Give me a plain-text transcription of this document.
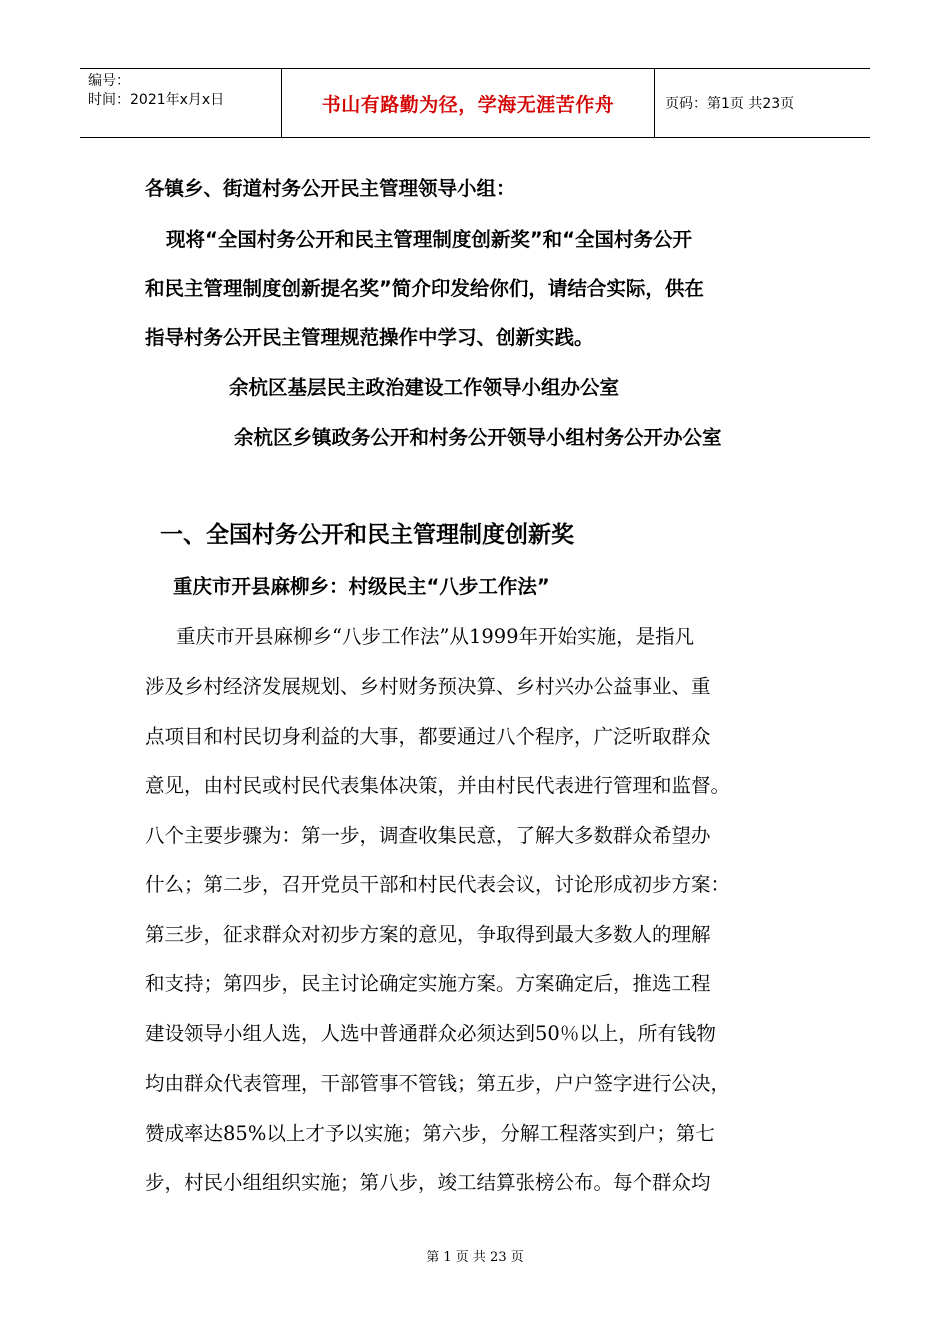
编号：
时间：2021年x月x日	书山有路勤为径，学海无涯苦作舟	页码：第1页 共23页
各镇乡、街道村务公开民主管理领导小组：
现将“全国村务公开和民主管理制度创新奖”和“全国村务公开
和民主管理制度创新提名奖”简介印发给你们，请结合实际，供在
指导村务公开民主管理规范操作中学习、创新实践。
余杭区基层民主政治建设工作领导小组办公室
余杭区乡镇政务公开和村务公开领导小组村务公开办公室
一、全国村务公开和民主管理制度创新奖
重庆市开县麻柳乡：村级民主“八步工作法”
重庆市开县麻柳乡“八步工作法”从1999年开始实施，是指凡
涉及乡村经济发展规划、乡村财务预决算、乡村兴办公益事业、重
点项目和村民切身利益的大事，都要通过八个程序，广泛听取群众
意见，由村民或村民代表集体决策，并由村民代表进行管理和监督。
八个主要步骤为：第一步，调查收集民意，了解大多数群众希望办
什么；第二步，召开党员干部和村民代表会议，讨论形成初步方案：
第三步，征求群众对初步方案的意见，争取得到最大多数人的理解
和支持；第四步，民主讨论确定实施方案。方案确定后，推选工程
建设领导小组人选，人选中普通群众必须达到50％以上，所有钱物
均由群众代表管理，干部管事不管钱；第五步，户户签字进行公决，
赞成率达85%以上才予以实施；第六步，分解工程落实到户；第七
步，村民小组组织实施；第八步，竣工结算张榜公布。每个群众均
第 1 页 共 23 页
